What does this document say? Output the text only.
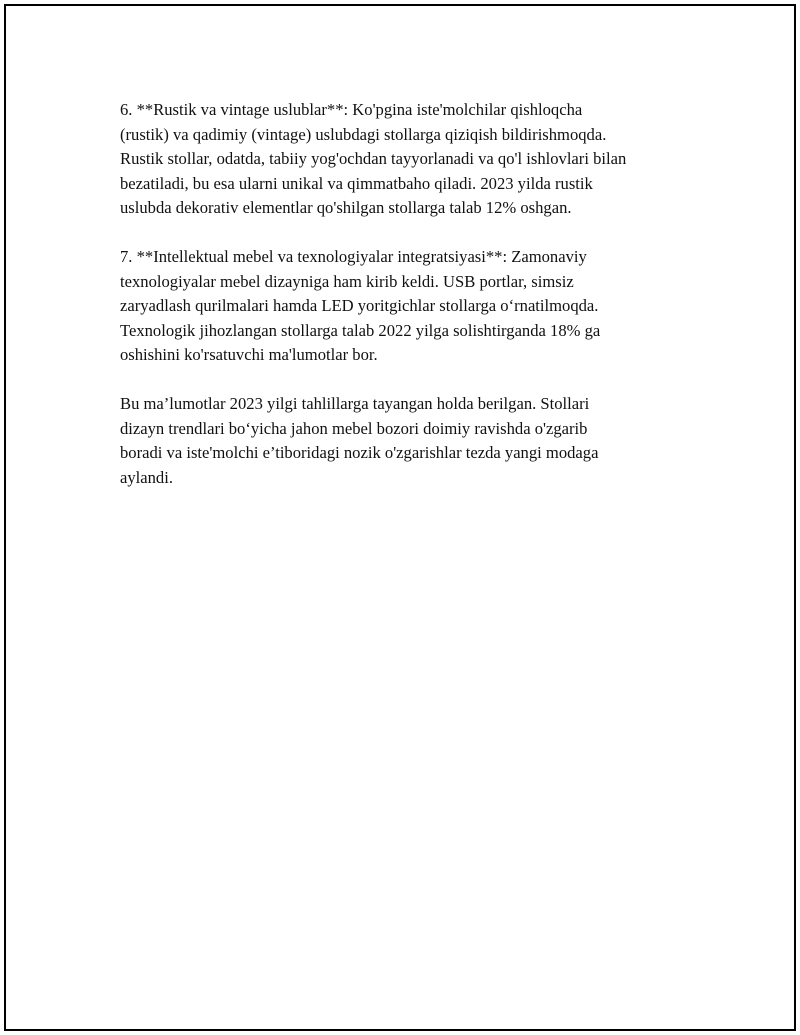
6. **Rustik va vintage uslublar**: Ko'pgina iste'molchilar qishloqcha
(rustik) va qadimiy (vintage) uslubdagi stollarga qiziqish bildirishmoqda.
Rustik stollar, odatda, tabiiy yog'ochdan tayyorlanadi va qo'l ishlovlari bilan
bezatiladi, bu esa ularni unikal va qimmatbaho qiladi. 2023 yilda rustik
uslubda dekorativ elementlar qo'shilgan stollarga talab 12% oshgan.

7. **Intellektual mebel va texnologiyalar integratsiyasi**: Zamonaviy
texnologiyalar mebel dizayniga ham kirib keldi. USB portlar, simsiz
zaryadlash qurilmalari hamda LED yoritgichlar stollarga o‘rnatilmoqda.
Texnologik jihozlangan stollarga talab 2022 yilga solishtirganda 18% ga
oshishini ko'rsatuvchi ma'lumotlar bor.

Bu ma’lumotlar 2023 yilgi tahlillarga tayangan holda berilgan. Stollari
dizayn trendlari bo‘yicha jahon mebel bozori doimiy ravishda o'zgarib
boradi va iste'molchi e’tiboridagi nozik o'zgarishlar tezda yangi modaga
aylandi.
